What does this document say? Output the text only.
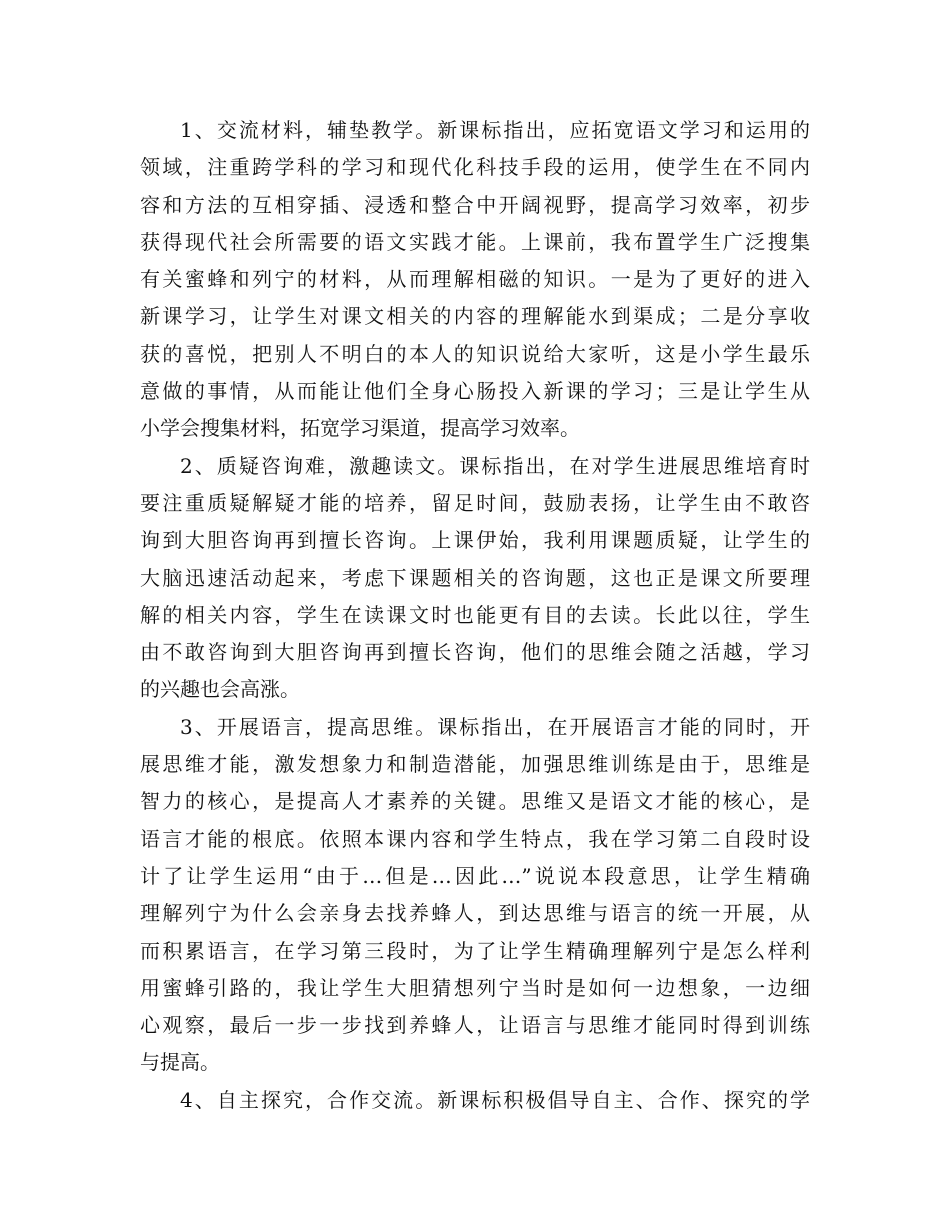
1、交流材料，辅垫教学。新课标指出，应拓宽语文学习和运用的
领域，注重跨学科的学习和现代化科技手段的运用，使学生在不同内
容和方法的互相穿插、浸透和整合中开阔视野，提高学习效率，初步
获得现代社会所需要的语文实践才能。上课前，我布置学生广泛搜集
有关蜜蜂和列宁的材料，从而理解相磁的知识。一是为了更好的进入
新课学习，让学生对课文相关的内容的理解能水到渠成；二是分享收
获的喜悦，把别人不明白的本人的知识说给大家听，这是小学生最乐
意做的事情，从而能让他们全身心肠投入新课的学习；三是让学生从
小学会搜集材料，拓宽学习渠道，提高学习效率。
2、质疑咨询难，激趣读文。课标指出，在对学生进展思维培育时
要注重质疑解疑才能的培养，留足时间，鼓励表扬，让学生由不敢咨
询到大胆咨询再到擅长咨询。上课伊始，我利用课题质疑，让学生的
大脑迅速活动起来，考虑下课题相关的咨询题，这也正是课文所要理
解的相关内容，学生在读课文时也能更有目的去读。长此以往，学生
由不敢咨询到大胆咨询再到擅长咨询，他们的思维会随之活越，学习
的兴趣也会高涨。
3、开展语言，提高思维。课标指出，在开展语言才能的同时，开
展思维才能，激发想象力和制造潜能，加强思维训练是由于，思维是
智力的核心，是提高人才素养的关键。思维又是语文才能的核心，是
语言才能的根底。依照本课内容和学生特点，我在学习第二自段时设
计了让学生运用“由于…但是…因此…”说说本段意思，让学生精确
理解列宁为什么会亲身去找养蜂人，到达思维与语言的统一开展，从
而积累语言，在学习第三段时，为了让学生精确理解列宁是怎么样利
用蜜蜂引路的，我让学生大胆猜想列宁当时是如何一边想象，一边细
心观察，最后一步一步找到养蜂人，让语言与思维才能同时得到训练
与提高。
4、自主探究，合作交流。新课标积极倡导自主、合作、探究的学
